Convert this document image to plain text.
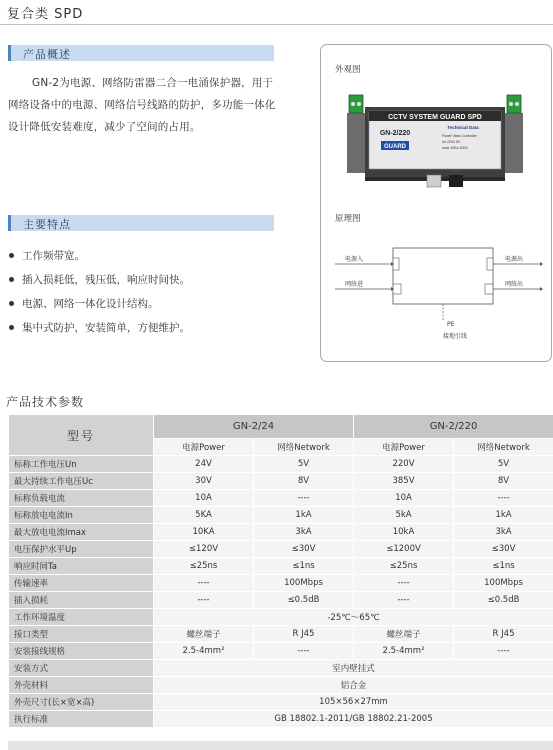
复合类 SPD
产品概述

GN-2为电源、网络防雷器二合一电涌保护器，用于网络设备中的电源、网络信号线路的防护，多功能一体化设计降低安装难度，减少了空间的占用。

主要特点
工作频带宽。
插入损耗低，残压低，响应时间快。
电源、网络一体化设计结构。
集中式防护，安装简单，方便维护。
外观图
CCTV SYSTEM GUARD SPD
GN-2/220
Technical Data
Power Video Controller
Un 220V 5V
Imax 10KA 10KA
GUARD
原理图
电源入
网络进
电源出
网络出
PE
接地引线
产品技术参数
型号	GN-2/24		GN-2/220	
	电源Power	网络Network	电源Power	网络Network
标称工作电压Un	24V	5V	220V	5V
最大持续工作电压Uc	30V	8V	385V	8V
标称负载电流	10A	----	10A	----
标称放电电流In	5KA	1kA	5kA	1kA
最大放电电流Imax	10KA	3kA	10kA	3kA
电压保护水平Up	≤120V	≤30V	≤1200V	≤30V
响应时间Ta	≤25ns	≤1ns	≤25ns	≤1ns
传输速率	----	100Mbps	----	100Mbps
插入损耗	----	≤0.5dB	----	≤0.5dB
工作环境温度	-25℃～65℃			
接口类型	螺丝端子	R J45	螺丝端子	R J45
安装接线规格	2.5-4mm²	----	2.5-4mm²	----
安装方式	室内壁挂式			
外壳材料	铝合金			
外壳尺寸(长×宽×高)	105×56×27mm			
执行标准	GB 18802.1-2011/GB 18802.21-2005			
